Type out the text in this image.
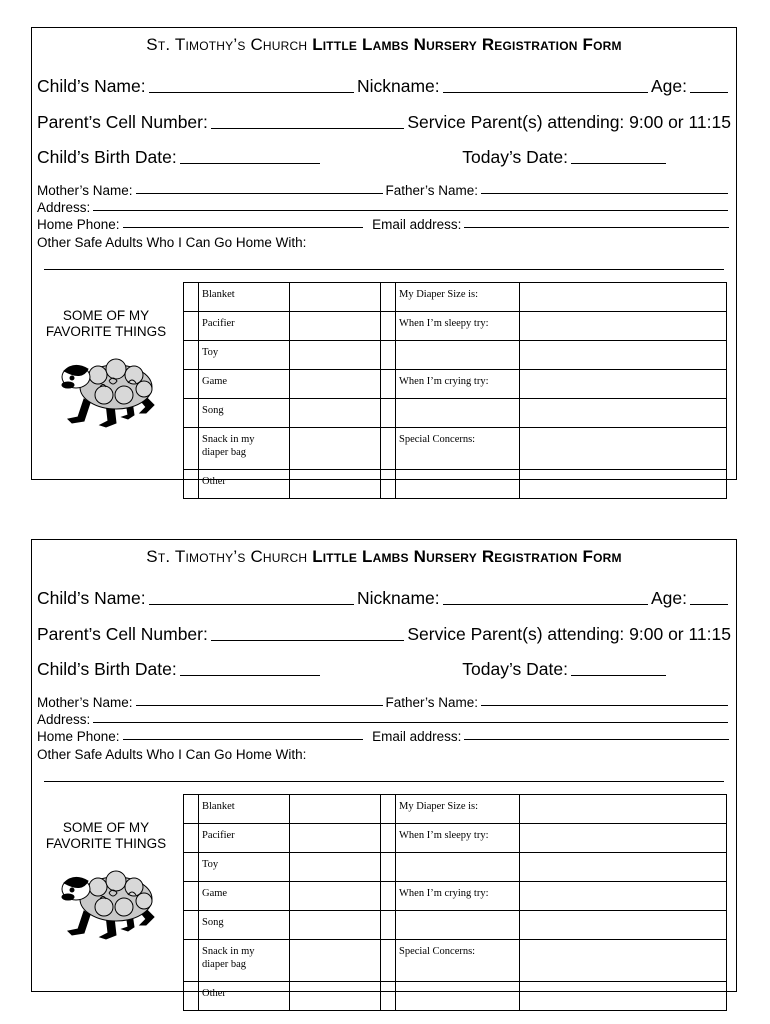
St. Timothy’s Church Little Lambs Nursery Registration Form
Child’s Name:	Nickname:	Age:
Parent’s Cell Number:	Service Parent(s) attending: 9:00 or 11:15
Child’s Birth Date:	Today’s Date:
Mother’s Name:	Father’s Name:
Address:
Home Phone:	Email address:
Other Safe Adults Who I Can Go Home With:
SOME OF MY
FAVORITE THINGS
	Blanket			My Diaper Size is:	
	Pacifier			When I’m sleepy try:	
	Toy				
	Game			When I’m crying try:	
	Song				
	Snack in my
diaper bag			Special Concerns:	
	Other				
St. Timothy’s Church Little Lambs Nursery Registration Form
Child’s Name:	Nickname:	Age:
Parent’s Cell Number:	Service Parent(s) attending: 9:00 or 11:15
Child’s Birth Date:	Today’s Date:
Mother’s Name:	Father’s Name:
Address:
Home Phone:	Email address:
Other Safe Adults Who I Can Go Home With:
SOME OF MY
FAVORITE THINGS
	Blanket			My Diaper Size is:	
	Pacifier			When I’m sleepy try:	
	Toy				
	Game			When I’m crying try:	
	Song				
	Snack in my
diaper bag			Special Concerns:	
	Other				
